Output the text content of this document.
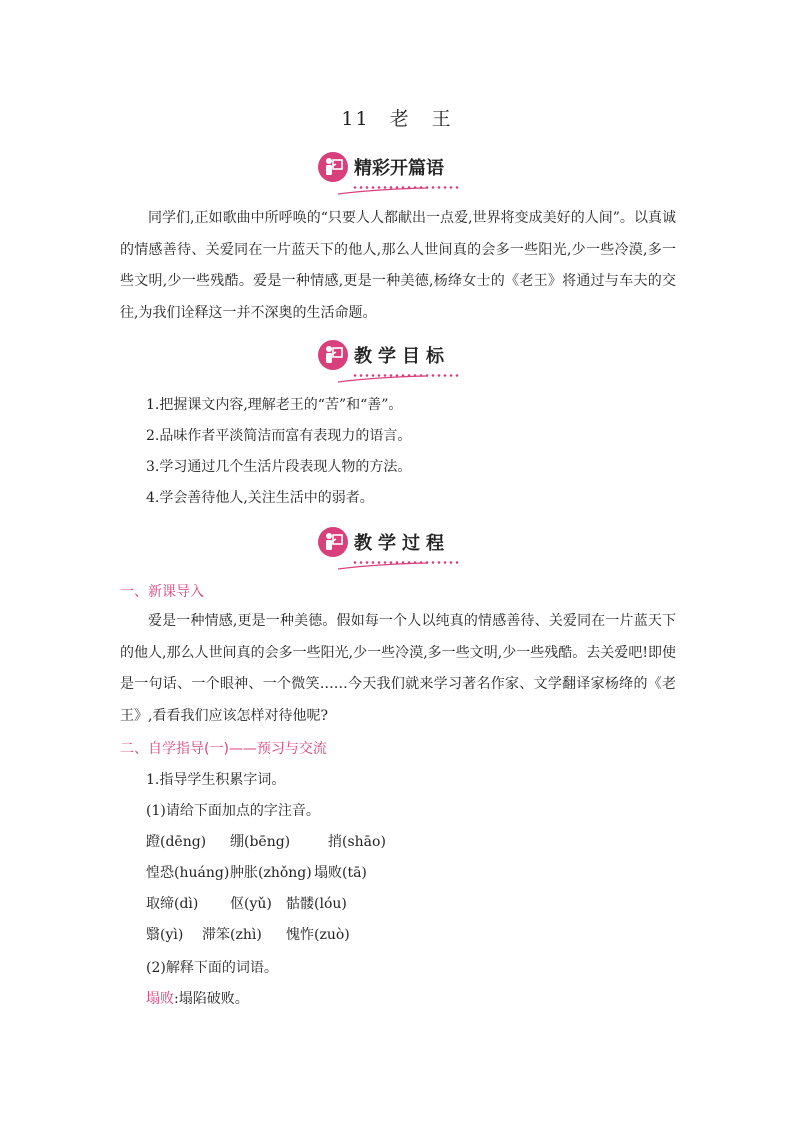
11 老　王
精彩开篇语
同学们,正如歌曲中所呼唤的“只要人人都献出一点爱,世界将变成美好的人间”。以真诚的情感善待、关爱同在一片蓝天下的他人,那么人世间真的会多一些阳光,少一些冷漠,多一些文明,少一些残酷。爱是一种情感,更是一种美德,杨绛女士的《老王》将通过与车夫的交往,为我们诠释这一并不深奥的生活命题。
教学目标
1.把握课文内容,理解老王的“苦”和“善”。
2.品味作者平淡简洁而富有表现力的语言。
3.学习通过几个生活片段表现人物的方法。
4.学会善待他人,关注生活中的弱者。
教学过程
一、新课导入
爱是一种情感,更是一种美德。假如每一个人以纯真的情感善待、关爱同在一片蓝天下的他人,那么人世间真的会多一些阳光,少一些冷漠,多一些文明,少一些残酷。去关爱吧!即使是一句话、一个眼神、一个微笑……今天我们就来学习著名作家、文学翻译家杨绛的《老王》,看看我们应该怎样对待他呢?
二、自学指导(一)——预习与交流
1.指导学生积累字词。
(1)请给下面加点的字注音。
蹬(dēng) 绷(bēng)	捎(shāo)
惶恐(huáng) 肿胀(zhǒng) 塌败(tā)
取缔(dì) 伛(yǔ) 骷髅(lóu)
翳(yì) 滞笨(zhì) 愧怍(zuò)
(2)解释下面的词语。
塌败:塌陷破败。
